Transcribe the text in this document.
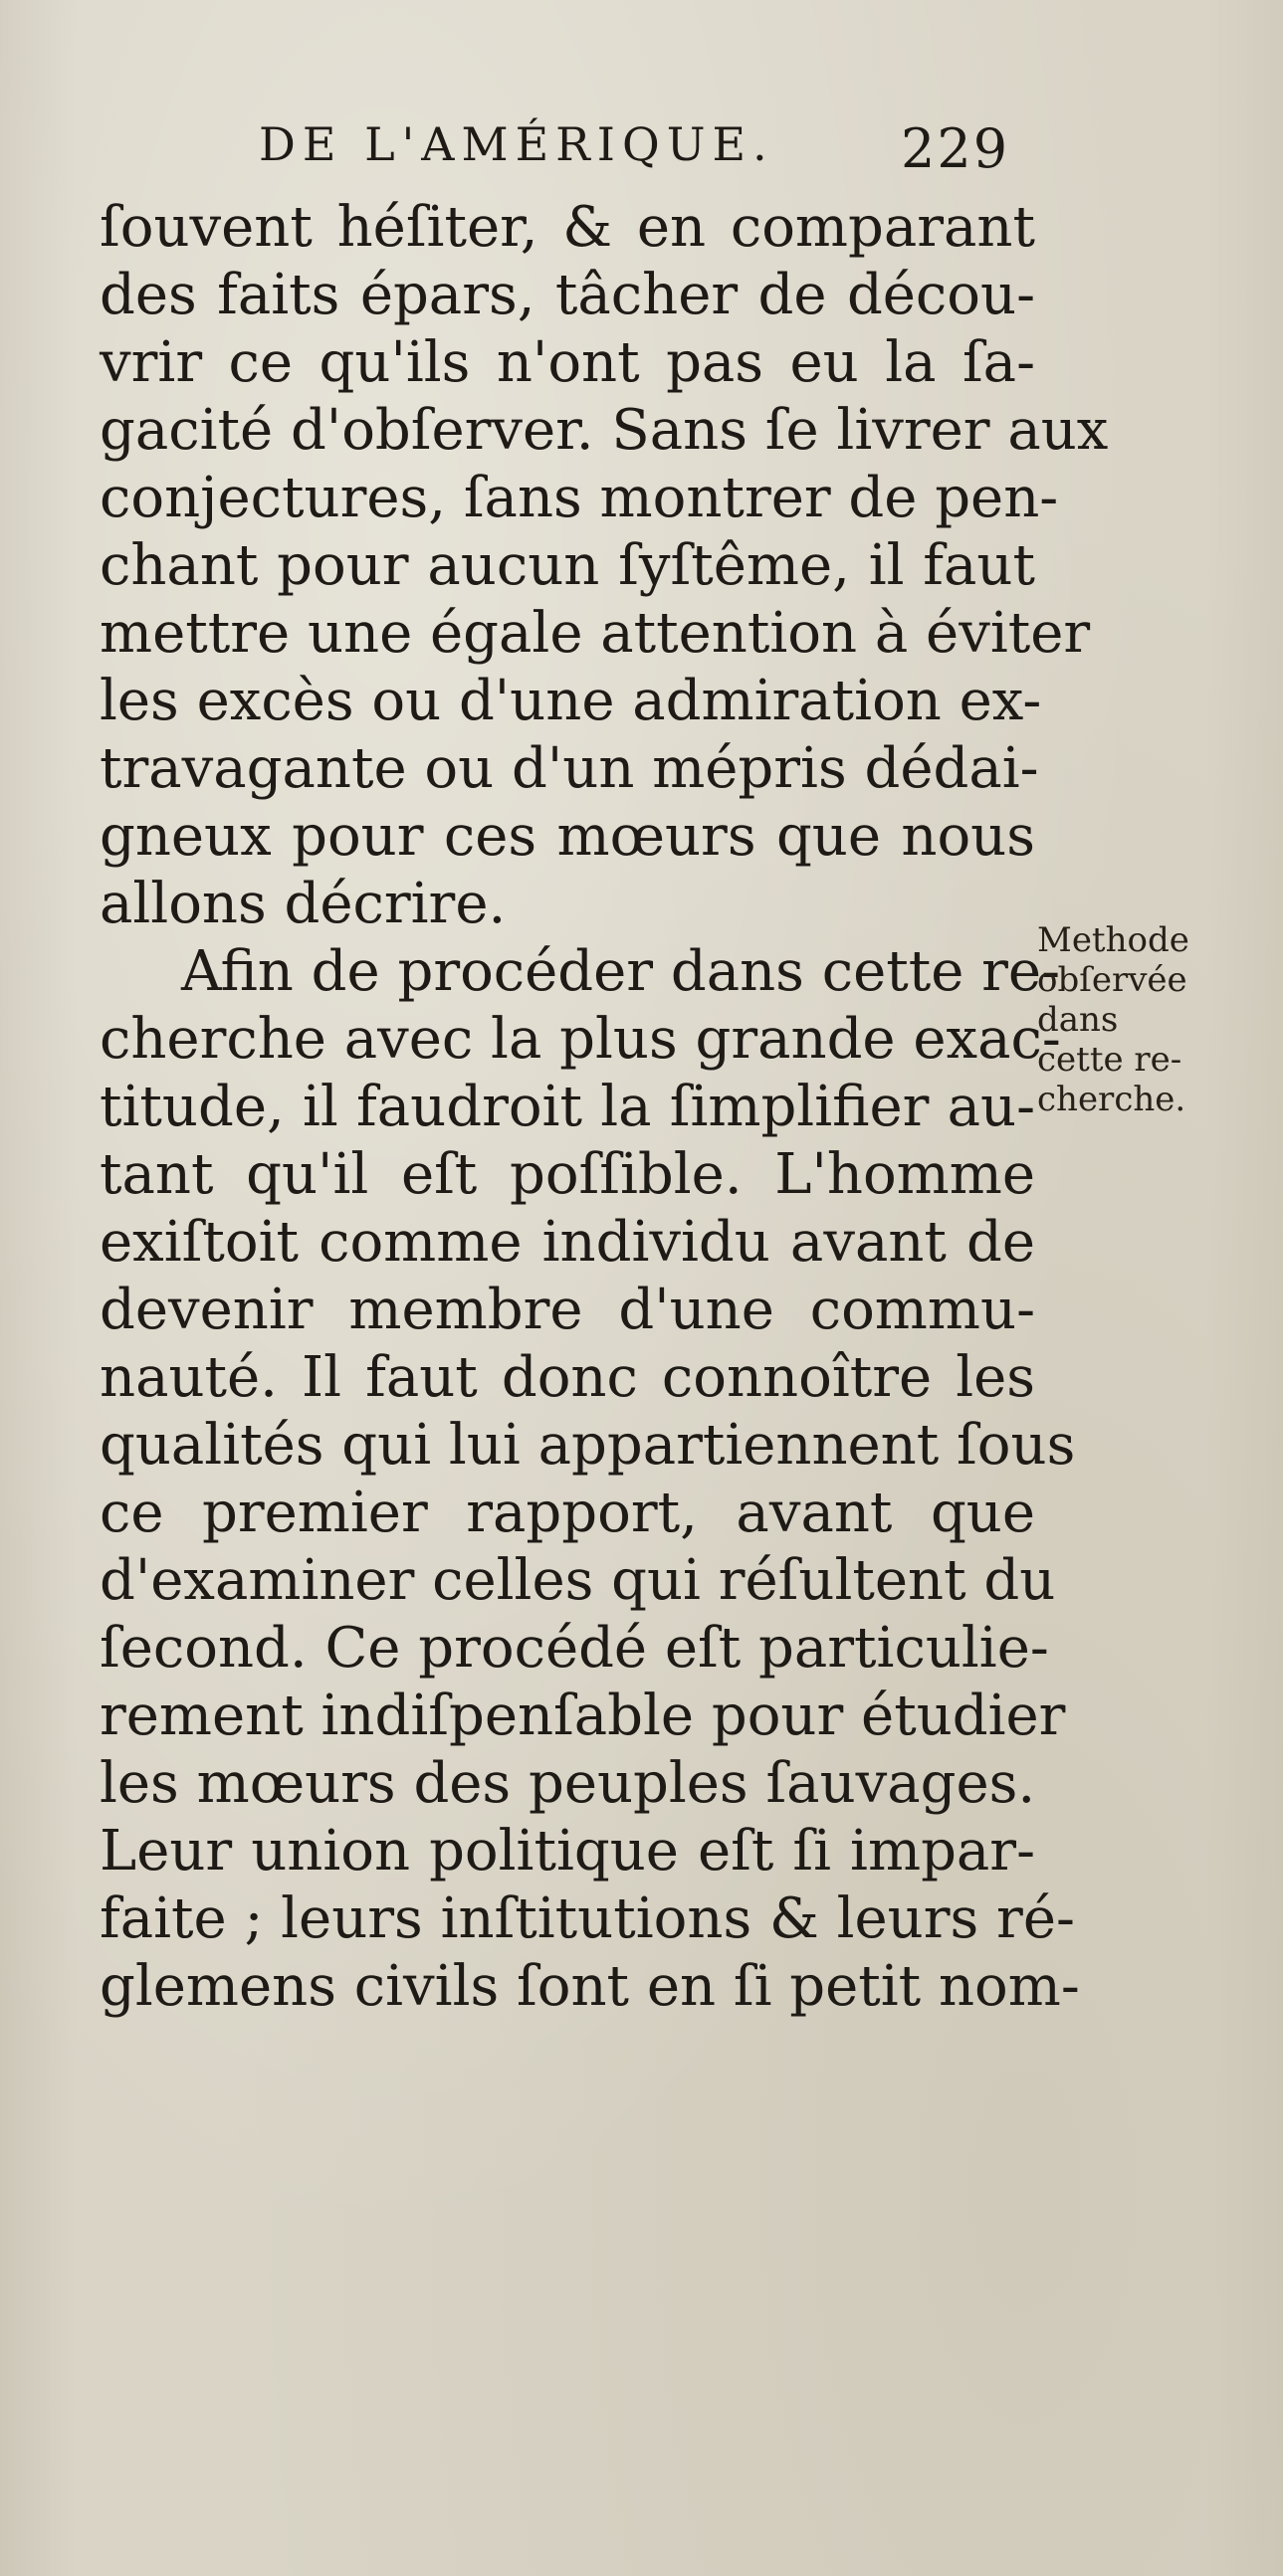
DE L'AMÉRIQUE. 229
ſouvent héſiter, & en comparant
des faits épars, tâcher de décou-
vrir ce qu'ils n'ont pas eu la ſa-
gacité d'obſerver. Sans ſe livrer aux
conjectures, ſans montrer de pen-
chant pour aucun ſyſtême, il faut
mettre une égale attention à éviter
les excès ou d'une admiration ex-
travagante ou d'un mépris dédai-
gneux pour ces mœurs que nous
allons décrire.
Afin de procéder dans cette re-
cherche avec la plus grande exac-
titude, il faudroit la ſimplifier au-
tant qu'il eſt poſſible. L'homme
exiſtoit comme individu avant de
devenir membre d'une commu-
nauté. Il faut donc connoître les
qualités qui lui appartiennent ſous
ce premier rapport, avant que
d'examiner celles qui réſultent du
ſecond. Ce procédé eſt particulie-
rement indiſpenſable pour étudier
les mœurs des peuples ſauvages.
Leur union politique eſt ſi impar-
faite ; leurs inſtitutions & leurs ré-
glemens civils ſont en ſi petit nom-
Methode
obſervée
dans
cette re-
cherche.
